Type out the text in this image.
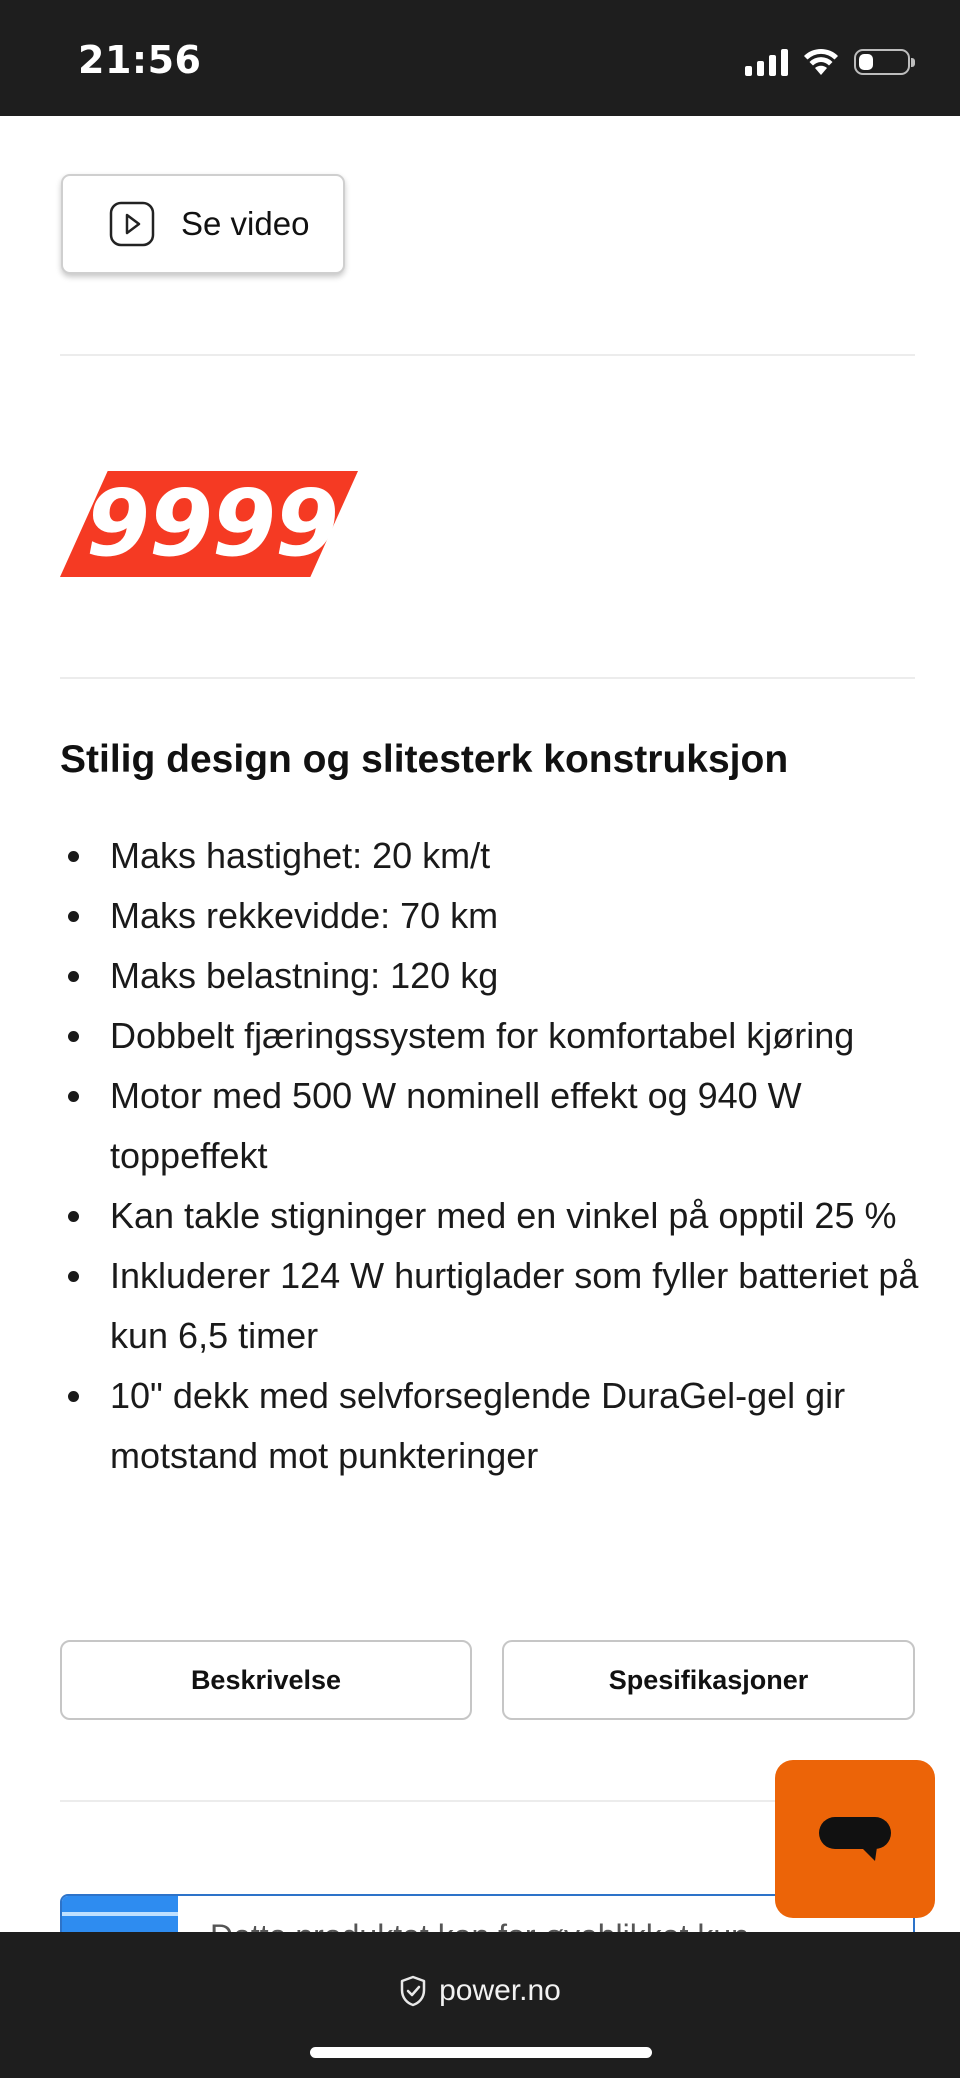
21:56
Se video
9999
Stilig design og slitesterk konstruksjon
Maks hastighet: 20 km/t
Maks rekkevidde: 70 km
Maks belastning: 120 kg
Dobbelt fjæringssystem for komfortabel kjøring
Motor med 500 W nominell effekt og 940 W toppeffekt
Kan takle stigninger med en vinkel på opptil 25 %
Inkluderer 124 W hurtiglader som fyller batteriet på kun 6,5 timer
10" dekk med selvforseglende DuraGel-gel gir motstand mot punkteringer
Beskrivelse	Spesifikasjoner
power.no
